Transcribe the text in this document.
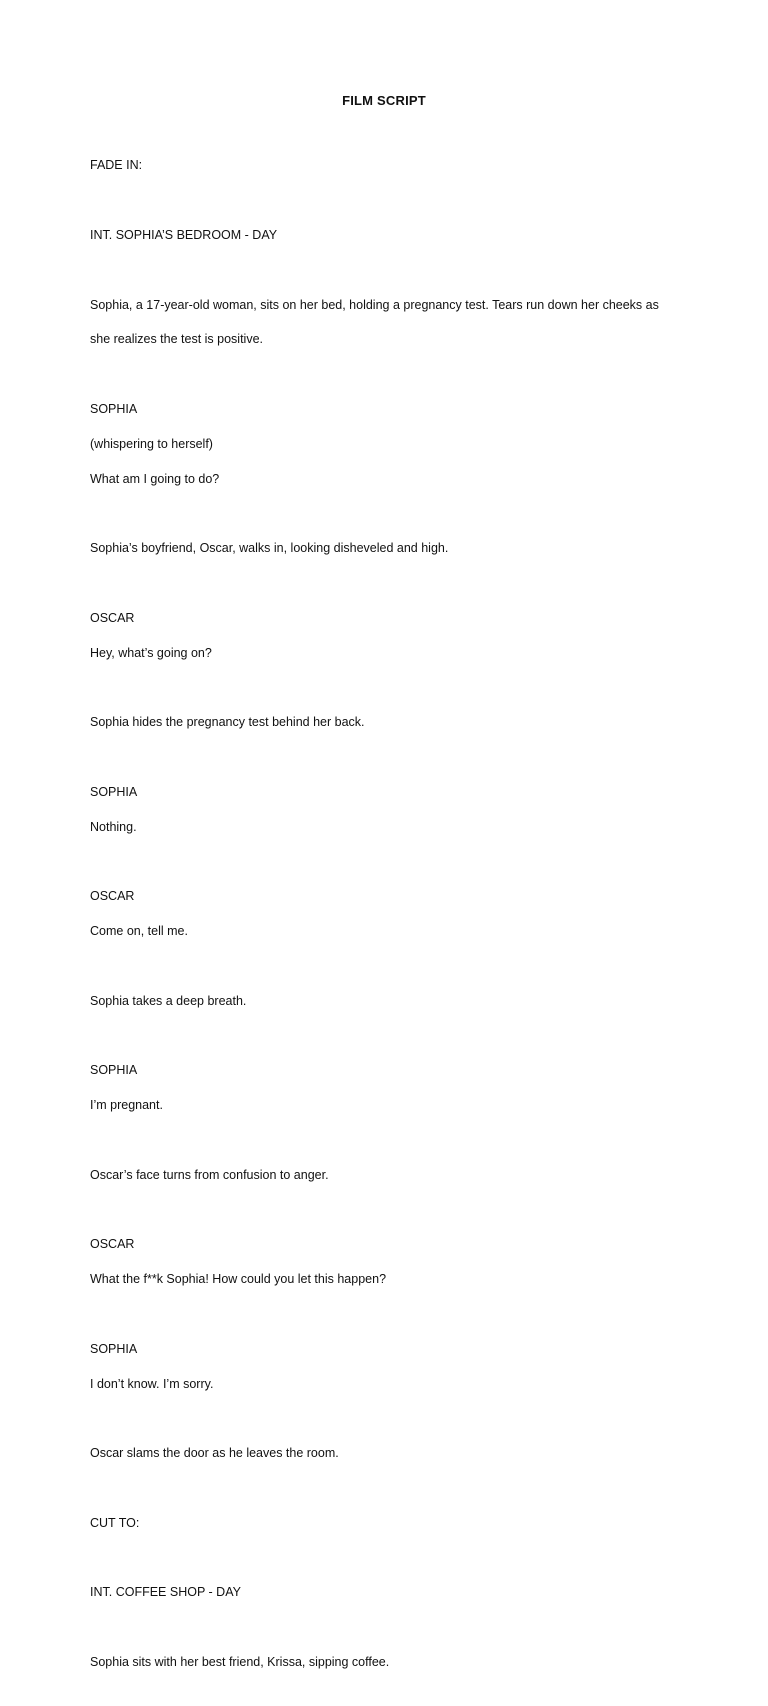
FILM SCRIPT

FADE IN:

INT. SOPHIA’S BEDROOM - DAY

Sophia, a 17-year-old woman, sits on her bed, holding a pregnancy test. Tears run down her cheeks as

she realizes the test is positive.

SOPHIA

(whispering to herself)

What am I going to do?

Sophia’s boyfriend, Oscar, walks in, looking disheveled and high.

OSCAR

Hey, what’s going on?

Sophia hides the pregnancy test behind her back.

SOPHIA

Nothing.

OSCAR

Come on, tell me.

Sophia takes a deep breath.

SOPHIA

I’m pregnant.

Oscar’s face turns from confusion to anger.

OSCAR

What the f**k Sophia! How could you let this happen?

SOPHIA

I don’t know. I’m sorry.

Oscar slams the door as he leaves the room.

CUT TO:

INT. COFFEE SHOP - DAY

Sophia sits with her best friend, Krissa, sipping coffee.
